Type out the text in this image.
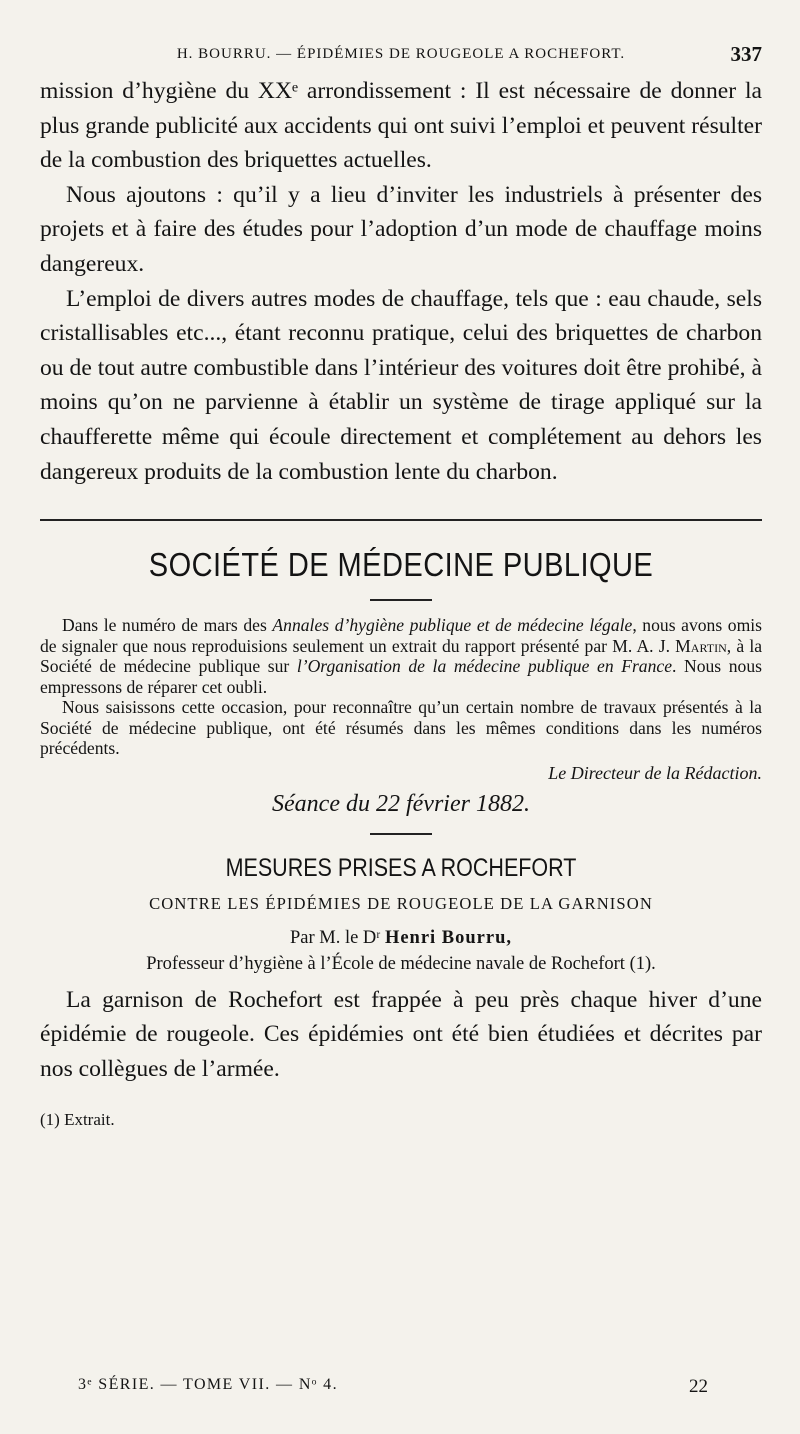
H. BOURRU. — ÉPIDÉMIES DE ROUGEOLE A ROCHEFORT.	337

mission d’hygiène du XXᵉ arrondissement : Il est nécessaire de donner la plus grande publicité aux accidents qui ont suivi l’emploi et peuvent résulter de la combustion des briquettes actuelles.

Nous ajoutons : qu’il y a lieu d’inviter les industriels à présenter des projets et à faire des études pour l’adoption d’un mode de chauffage moins dangereux.

L’emploi de divers autres modes de chauffage, tels que : eau chaude, sels cristallisables etc..., étant reconnu pratique, celui des briquettes de charbon ou de tout autre combustible dans l’intérieur des voitures doit être prohibé, à moins qu’on ne parvienne à établir un système de tirage appliqué sur la chaufferette même qui écoule directement et complétement au dehors les dangereux produits de la combustion lente du charbon.

SOCIÉTÉ DE MÉDECINE PUBLIQUE

Dans le numéro de mars des Annales d’hygiène publique et de médecine légale, nous avons omis de signaler que nous reproduisions seulement un extrait du rapport présenté par M. A. J. Martin, à la Société de médecine publique sur l’Organisation de la médecine publique en France. Nous nous empressons de réparer cet oubli.

Nous saisissons cette occasion, pour reconnaître qu’un certain nombre de travaux présentés à la Société de médecine publique, ont été résumés dans les mêmes conditions dans les numéros précédents.

Le Directeur de la Rédaction.
Séance du 22 février 1882.
MESURES PRISES A ROCHEFORT
CONTRE LES ÉPIDÉMIES DE ROUGEOLE DE LA GARNISON
Par M. le Dʳ Henri Bourru,
Professeur d’hygiène à l’École de médecine navale de Rochefort (1).

La garnison de Rochefort est frappée à peu près chaque hiver d’une épidémie de rougeole. Ces épidémies ont été bien étudiées et décrites par nos collègues de l’armée.

(1) Extrait.
3ᵉ SÉRIE. — TOME VII. — Nᵒ 4.	22
